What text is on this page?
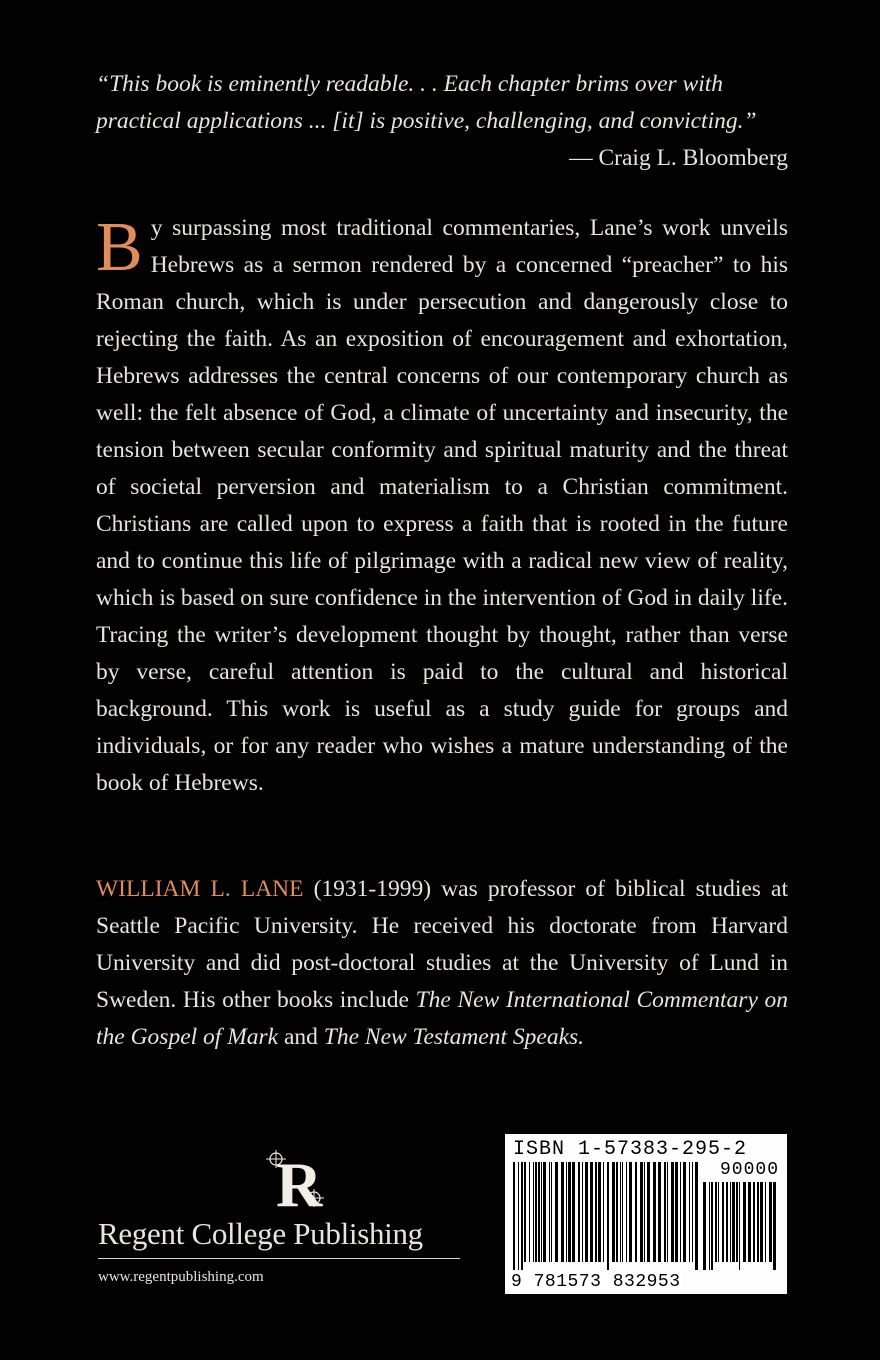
“This book is eminently readable. . . Each chapter brims over with practical applications ... [it] is positive, challenging, and convicting.”
— Craig L. Bloomberg
By surpassing most traditional commentaries, Lane’s work unveils Hebrews as a sermon rendered by a concerned “preacher” to his Roman church, which is under persecution and dangerously close to rejecting the faith. As an exposition of encouragement and exhortation, Hebrews addresses the central concerns of our contemporary church as well: the felt absence of God, a climate of uncertainty and insecurity, the tension between secular conformity and spiritual maturity and the threat of societal perversion and materialism to a Christian commitment. Christians are called upon to express a faith that is rooted in the future and to continue this life of pilgrimage with a radical new view of reality, which is based on sure confidence in the intervention of God in daily life. Tracing the writer’s development thought by thought, rather than verse by verse, careful attention is paid to the cultural and historical background. This work is useful as a study guide for groups and individuals, or for any reader who wishes a mature understanding of the book of Hebrews.
WILLIAM L. LANE (1931-1999) was professor of biblical studies at Seattle Pacific University. He received his doctorate from Harvard University and did post-doctoral studies at the University of Lund in Sweden. His other books include The New International Commentary on the Gospel of Mark and The New Testament Speaks.
R
Regent College Publishing
www.regentpublishing.com
ISBN 1-57383-295-2
90000
9 781573 832953
